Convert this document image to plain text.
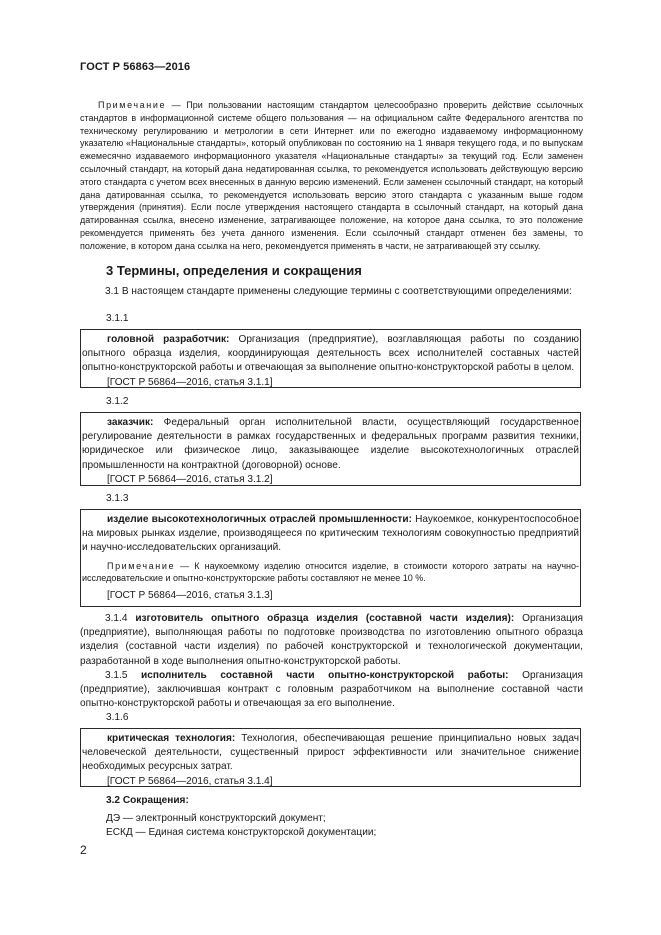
ГОСТ Р 56863—2016
Примечание — При пользовании настоящим стандартом целесообразно проверить действие ссылочных стандартов в информационной системе общего пользования — на официальном сайте Федерального агентства по техническому регулированию и метрологии в сети Интернет или по ежегодно издаваемому информационному указателю «Национальные стандарты», который опубликован по состоянию на 1 января текущего года, и по выпускам ежемесячно издаваемого информационного указателя «Национальные стандарты» за текущий год. Если заменен ссылочный стандарт, на который дана недатированная ссылка, то рекомендуется использовать действующую версию этого стандарта с учетом всех внесенных в данную версию изменений. Если заменен ссылочный стандарт, на который дана датированная ссылка, то рекомендуется использовать версию этого стандарта с указанным выше годом утверждения (принятия). Если после утверждения настоящего стандарта в ссылочный стандарт, на который дана датированная ссылка, внесено изменение, затрагивающее положение, на которое дана ссылка, то это положение рекомендуется применять без учета данного изменения. Если ссылочный стандарт отменен без замены, то положение, в котором дана ссылка на него, рекомендуется применять в части, не затрагивающей эту ссылку.
3 Термины, определения и сокращения
3.1 В настоящем стандарте применены следующие термины с соответствующими определениями:
3.1.1

головной разработчик: Организация (предприятие), возглавляющая работы по созданию опытного образца изделия, координирующая деятельность всех исполнителей составных частей опытно-конструкторской работы и отвечающая за выполнение опытно-конструкторской работы в целом.

[ГОСТ Р 56864—2016, статья 3.1.1]

3.1.2

заказчик: Федеральный орган исполнительной власти, осуществляющий государственное регулирование деятельности в рамках государственных и федеральных программ развития техники, юридическое или физическое лицо, заказывающее изделие высокотехнологичных отраслей промышленности на контрактной (договорной) основе.

[ГОСТ Р 56864—2016, статья 3.1.2]

3.1.3

изделие высокотехнологичных отраслей промышленности: Наукоемкое, конкурентоспособное на мировых рынках изделие, производящееся по критическим технологиям совокупностью предприятий и научно-исследовательских организаций.

Примечание — К наукоемкому изделию относится изделие, в стоимости которого затраты на научно-исследовательские и опытно-конструкторские работы составляют не менее 10 %.

[ГОСТ Р 56864—2016, статья 3.1.3]

3.1.4 изготовитель опытного образца изделия (составной части изделия): Организация (предприятие), выполняющая работы по подготовке производства по изготовлению опытного образца изделия (составной части изделия) по рабочей конструкторской и технологической документации, разработанной в ходе выполнения опытно-конструкторской работы.
3.1.5 исполнитель составной части опытно-конструкторской работы: Организация (предприятие), заключившая контракт с головным разработчиком на выполнение составной части опытно-конструкторской работы и отвечающая за его выполнение.
3.1.6

критическая технология: Технология, обеспечивающая решение принципиально новых задач человеческой деятельности, существенный прирост эффективности или значительное снижение необходимых ресурсных затрат.

[ГОСТ Р 56864—2016, статья 3.1.4]

3.2 Сокращения:
ДЭ — электронный конструкторский документ;
ЕСКД — Единая система конструкторской документации;
2
